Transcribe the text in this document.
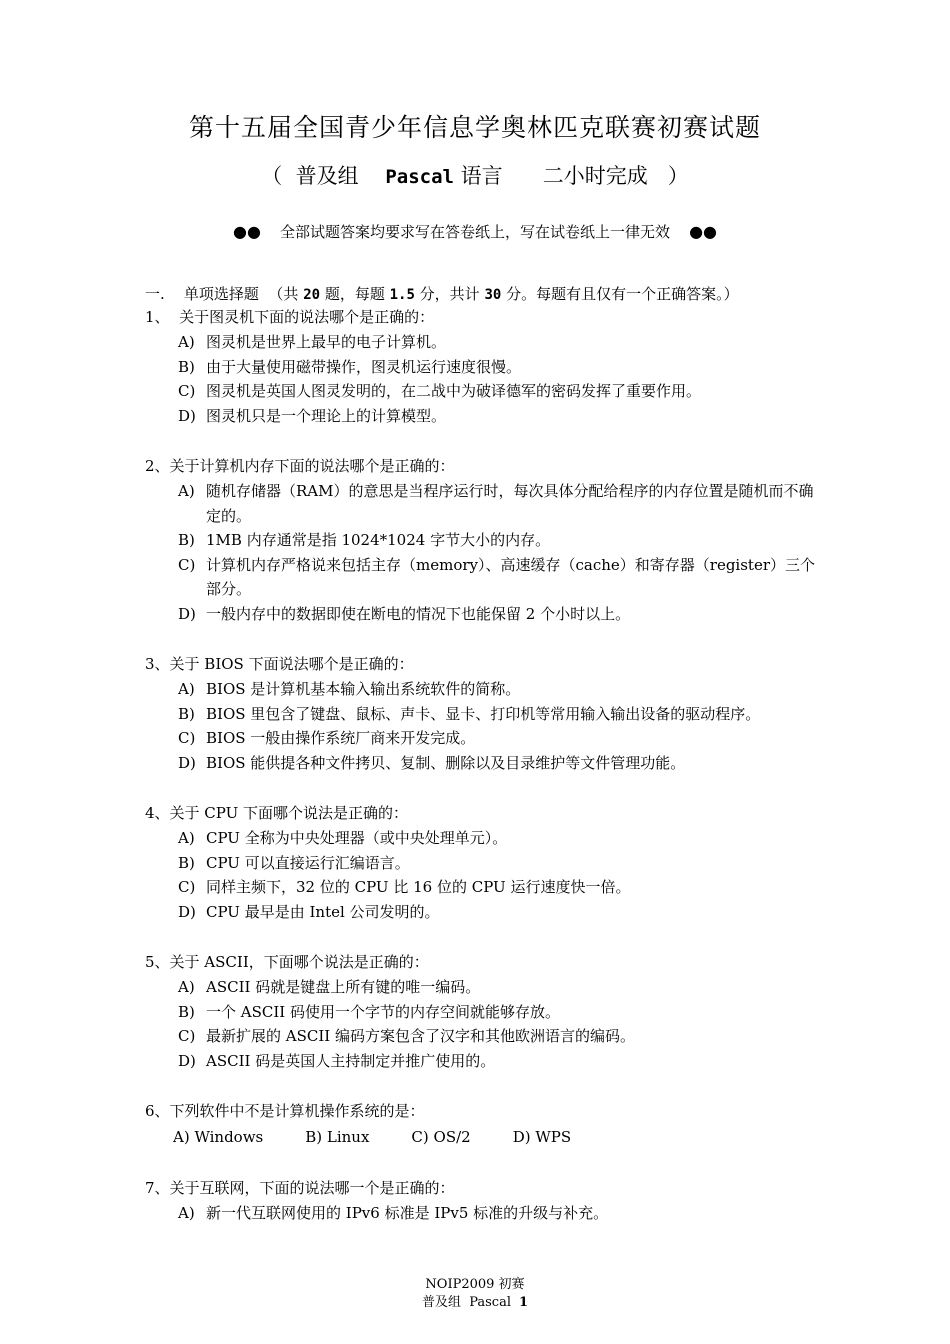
第十五届全国青少年信息学奥林匹克联赛初赛试题
（  普及组    Pascal 语言      二小时完成   ）
●● 全部试题答案均要求写在答卷纸上，写在试卷纸上一律无效 ●●
一. 单项选择题 （共 20 题，每题 1.5 分，共计 30 分。每题有且仅有一个正确答案。）
1、  关于图灵机下面的说法哪个是正确的：
A) 图灵机是世界上最早的电子计算机。
B) 由于大量使用磁带操作，图灵机运行速度很慢。
C) 图灵机是英国人图灵发明的，在二战中为破译德军的密码发挥了重要作用。
D) 图灵机只是一个理论上的计算模型。
2、关于计算机内存下面的说法哪个是正确的：
A) 随机存储器（RAM）的意思是当程序运行时，每次具体分配给程序的内存位置是随机而不确定的。
B) 1MB 内存通常是指 1024*1024 字节大小的内存。
C) 计算机内存严格说来包括主存（memory）、高速缓存（cache）和寄存器（register）三个部分。
D) 一般内存中的数据即使在断电的情况下也能保留 2 个小时以上。
3、关于 BIOS 下面说法哪个是正确的：
A) BIOS 是计算机基本输入输出系统软件的简称。
B) BIOS 里包含了键盘、鼠标、声卡、显卡、打印机等常用输入输出设备的驱动程序。
C) BIOS 一般由操作系统厂商来开发完成。
D) BIOS 能供提各种文件拷贝、复制、删除以及目录维护等文件管理功能。
4、关于 CPU 下面哪个说法是正确的：
A) CPU 全称为中央处理器（或中央处理单元）。
B) CPU 可以直接运行汇编语言。
C) 同样主频下，32 位的 CPU 比 16 位的 CPU 运行速度快一倍。
D) CPU 最早是由 Intel 公司发明的。
5、关于 ASCII，下面哪个说法是正确的：
A) ASCII 码就是键盘上所有键的唯一编码。
B) 一个 ASCII 码使用一个字节的内存空间就能够存放。
C) 最新扩展的 ASCII 编码方案包含了汉字和其他欧洲语言的编码。
D) ASCII 码是英国人主持制定并推广使用的。
6、下列软件中不是计算机操作系统的是：
A) Windows	B) Linux	C) OS/2	D) WPS
7、关于互联网，下面的说法哪一个是正确的：
A) 新一代互联网使用的 IPv6 标准是 IPv5 标准的升级与补充。
NOIP2009 初赛
普及组  Pascal 1
